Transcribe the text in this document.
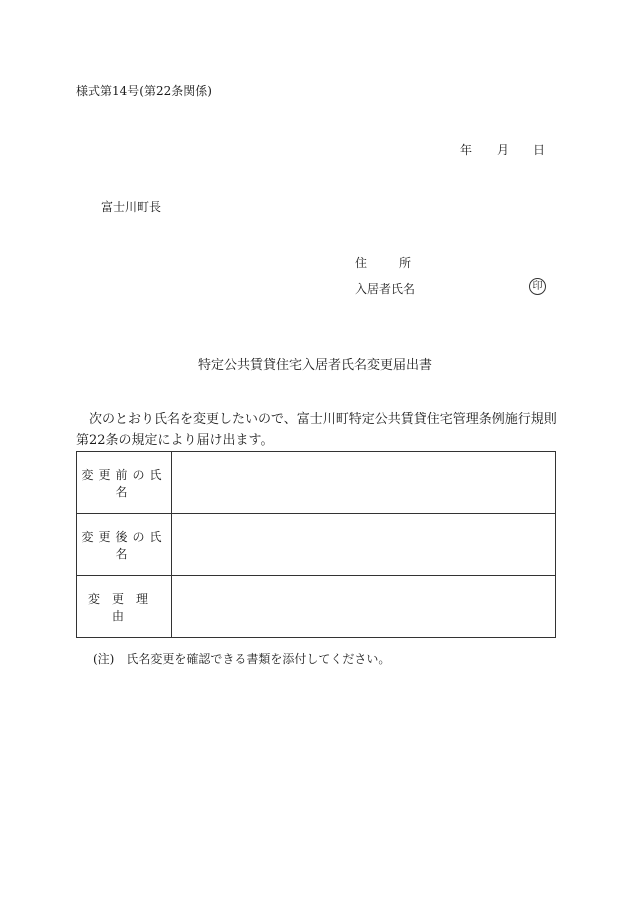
様式第14号(第22条関係)
年 月 日
富士川町長
住	所
入居者氏名	印
特定公共賃貸住宅入居者氏名変更届出書
　次のとおり氏名を変更したいので、富士川町特定公共賃貸住宅管理条例施行規則第22条の規定により届け出ます。
変更前の氏名	
変更後の氏名	
変更理由	
(注) 氏名変更を確認できる書類を添付してください。
